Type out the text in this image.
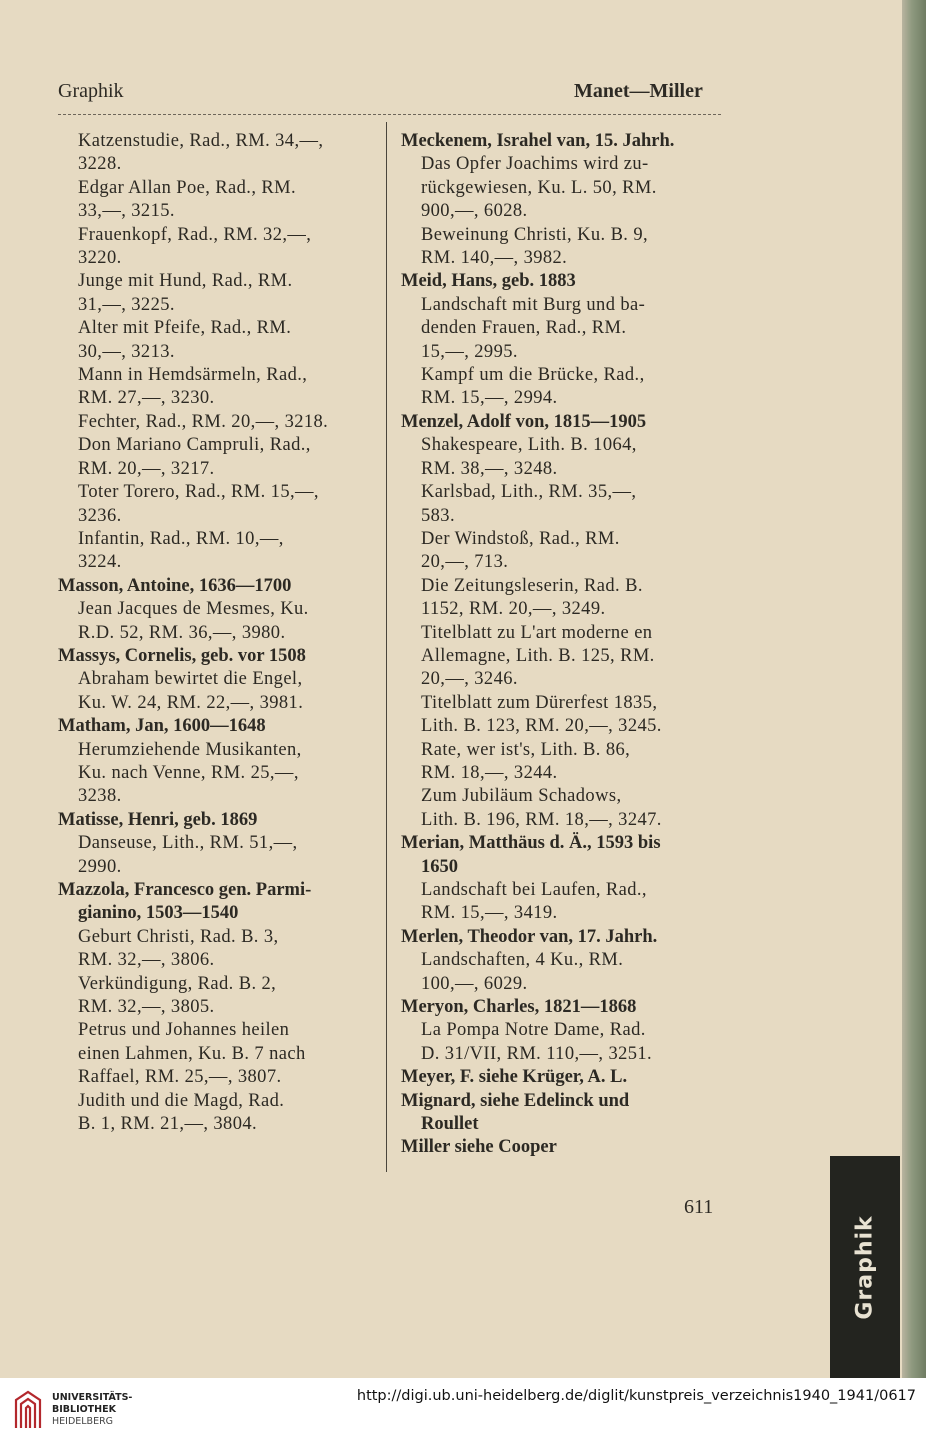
Graphik	Manet—Miller
Katzenstudie, Rad., RM. 34,—,
3228.
Edgar Allan Poe, Rad., RM.
33,—, 3215.
Frauenkopf, Rad., RM. 32,—,
3220.
Junge mit Hund, Rad., RM.
31,—, 3225.
Alter mit Pfeife, Rad., RM.
30,—, 3213.
Mann in Hemdsärmeln, Rad.,
RM. 27,—, 3230.
Fechter, Rad., RM. 20,—, 3218.
Don Mariano Campruli, Rad.,
RM. 20,—, 3217.
Toter Torero, Rad., RM. 15,—,
3236.
Infantin, Rad., RM. 10,—,
3224.
Masson, Antoine, 1636—1700
Jean Jacques de Mesmes, Ku.
R.D. 52, RM. 36,—, 3980.
Massys, Cornelis, geb. vor 1508
Abraham bewirtet die Engel,
Ku. W. 24, RM. 22,—, 3981.
Matham, Jan, 1600—1648
Herumziehende Musikanten,
Ku. nach Venne, RM. 25,—,
3238.
Matisse, Henri, geb. 1869
Danseuse, Lith., RM. 51,—,
2990.
Mazzola, Francesco gen. Parmi-
gianino, 1503—1540
Geburt Christi, Rad. B. 3,
RM. 32,—, 3806.
Verkündigung, Rad. B. 2,
RM. 32,—, 3805.
Petrus und Johannes heilen
einen Lahmen, Ku. B. 7 nach
Raffael, RM. 25,—, 3807.
Judith und die Magd, Rad.
B. 1, RM. 21,—, 3804.
Meckenem, Israhel van, 15. Jahrh.
Das Opfer Joachims wird zu-
rückgewiesen, Ku. L. 50, RM.
900,—, 6028.
Beweinung Christi, Ku. B. 9,
RM. 140,—, 3982.
Meid, Hans, geb. 1883
Landschaft mit Burg und ba-
denden Frauen, Rad., RM.
15,—, 2995.
Kampf um die Brücke, Rad.,
RM. 15,—, 2994.
Menzel, Adolf von, 1815—1905
Shakespeare, Lith. B. 1064,
RM. 38,—, 3248.
Karlsbad, Lith., RM. 35,—,
583.
Der Windstoß, Rad., RM.
20,—, 713.
Die Zeitungsleserin, Rad. B.
1152, RM. 20,—, 3249.
Titelblatt zu L'art moderne en
Allemagne, Lith. B. 125, RM.
20,—, 3246.
Titelblatt zum Dürerfest 1835,
Lith. B. 123, RM. 20,—, 3245.
Rate, wer ist's, Lith. B. 86,
RM. 18,—, 3244.
Zum Jubiläum Schadows,
Lith. B. 196, RM. 18,—, 3247.
Merian, Matthäus d. Ä., 1593 bis
1650
Landschaft bei Laufen, Rad.,
RM. 15,—, 3419.
Merlen, Theodor van, 17. Jahrh.
Landschaften, 4 Ku., RM.
100,—, 6029.
Meryon, Charles, 1821—1868
La Pompa Notre Dame, Rad.
D. 31/VII, RM. 110,—, 3251.
Meyer, F. siehe Krüger, A. L.
Mignard, siehe Edelinck und
Roullet
Miller siehe Cooper
611
Graphik
UNIVERSITÄTS-
BIBLIOTHEK
HEIDELBERG
http://digi.ub.uni-heidelberg.de/diglit/kunstpreis_verzeichnis1940_1941/0617
